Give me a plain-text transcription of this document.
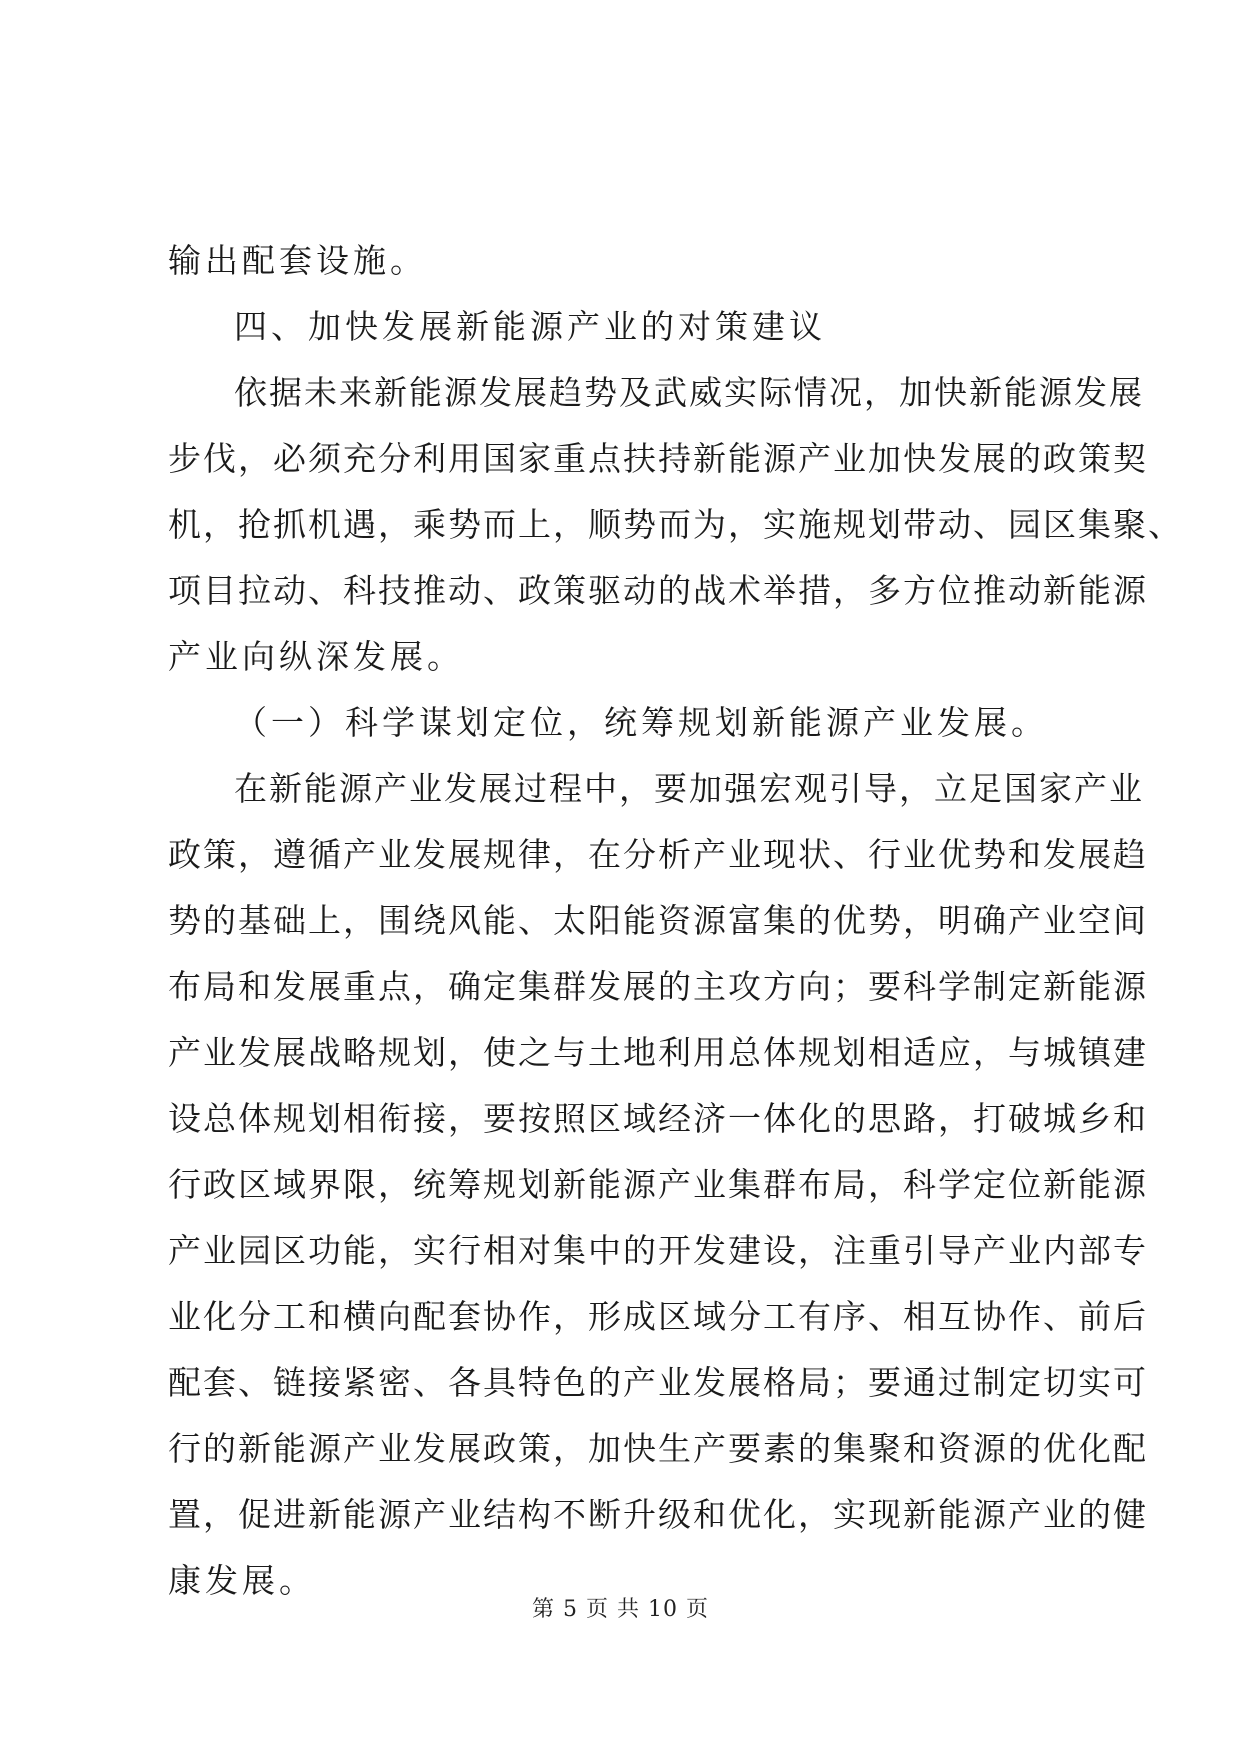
输出配套设施。
四、加快发展新能源产业的对策建议
依据未来新能源发展趋势及武威实际情况，加快新能源发展
步伐，必须充分利用国家重点扶持新能源产业加快发展的政策契
机，抢抓机遇，乘势而上，顺势而为，实施规划带动、园区集聚、
项目拉动、科技推动、政策驱动的战术举措，多方位推动新能源
产业向纵深发展。
（一）科学谋划定位，统筹规划新能源产业发展。
在新能源产业发展过程中，要加强宏观引导，立足国家产业
政策，遵循产业发展规律，在分析产业现状、行业优势和发展趋
势的基础上，围绕风能、太阳能资源富集的优势，明确产业空间
布局和发展重点，确定集群发展的主攻方向；要科学制定新能源
产业发展战略规划，使之与土地利用总体规划相适应，与城镇建
设总体规划相衔接，要按照区域经济一体化的思路，打破城乡和
行政区域界限，统筹规划新能源产业集群布局，科学定位新能源
产业园区功能，实行相对集中的开发建设，注重引导产业内部专
业化分工和横向配套协作，形成区域分工有序、相互协作、前后
配套、链接紧密、各具特色的产业发展格局；要通过制定切实可
行的新能源产业发展政策，加快生产要素的集聚和资源的优化配
置，促进新能源产业结构不断升级和优化，实现新能源产业的健
康发展。
第 5 页 共 10 页
